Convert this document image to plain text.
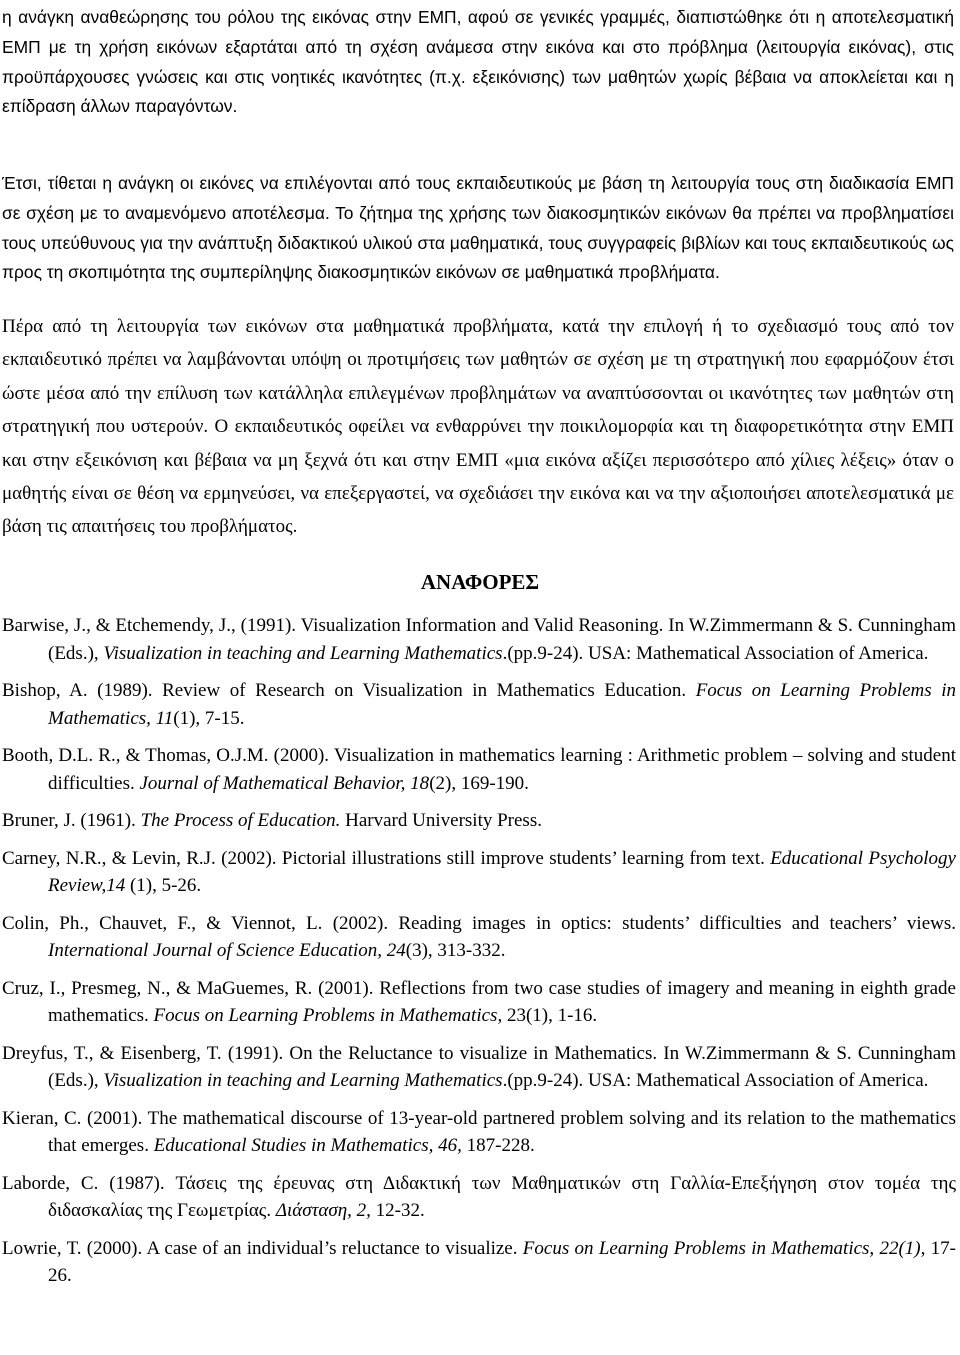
η ανάγκη αναθεώρησης του ρόλου της εικόνας στην ΕΜΠ, αφού σε γενικές γραμμές, διαπιστώθηκε ότι η αποτελεσματική ΕΜΠ με τη χρήση εικόνων εξαρτάται από τη σχέση ανάμεσα στην εικόνα και στο πρόβλημα (λειτουργία εικόνας), στις προϋπάρχουσες γνώσεις και στις νοητικές ικανότητες (π.χ. εξεικόνισης) των μαθητών χωρίς βέβαια να αποκλείεται και η επίδραση άλλων παραγόντων.

Έτσι, τίθεται η ανάγκη οι εικόνες να επιλέγονται από τους εκπαιδευτικούς με βάση τη λειτουργία τους στη διαδικασία ΕΜΠ σε σχέση με το αναμενόμενο αποτέλεσμα. Το ζήτημα της χρήσης των διακοσμητικών εικόνων θα πρέπει να προβληματίσει τους υπεύθυνους για την ανάπτυξη διδακτικού υλικού στα μαθηματικά, τους συγγραφείς βιβλίων και τους εκπαιδευτικούς ως προς τη σκοπιμότητα της συμπερίληψης διακοσμητικών εικόνων σε μαθηματικά προβλήματα.

Πέρα από τη λειτουργία των εικόνων στα μαθηματικά προβλήματα, κατά την επιλογή ή το σχεδιασμό τους από τον εκπαιδευτικό πρέπει να λαμβάνονται υπόψη οι προτιμήσεις των μαθητών σε σχέση με τη στρατηγική που εφαρμόζουν έτσι ώστε μέσα από την επίλυση των κατάλληλα επιλεγμένων προβλημάτων να αναπτύσσονται οι ικανότητες των μαθητών στη στρατηγική που υστερούν. Ο εκπαιδευτικός οφείλει να ενθαρρύνει την ποικιλομορφία και τη διαφορετικότητα στην ΕΜΠ και στην εξεικόνιση και βέβαια να μη ξεχνά ότι και στην ΕΜΠ «μια εικόνα αξίζει περισσότερο από χίλιες λέξεις» όταν ο μαθητής είναι σε θέση να ερμηνεύσει, να επεξεργαστεί, να σχεδιάσει την εικόνα και να την αξιοποιήσει αποτελεσματικά με βάση τις απαιτήσεις του προβλήματος.

ΑΝΑΦΟΡΕΣ

Barwise, J., & Etchemendy, J., (1991). Visualization Information and Valid Reasoning. In W.Zimmermann & S. Cunningham (Eds.), Visualization in teaching and Learning Mathematics.(pp.9-24). USA: Mathematical Association of America.

Bishop, A. (1989). Review of Research on Visualization in Mathematics Education. Focus on Learning Problems in Mathematics, 11(1), 7-15.

Booth, D.L. R., & Thomas, O.J.M. (2000). Visualization in mathematics learning : Arithmetic problem – solving and student difficulties. Journal of Mathematical Behavior, 18(2), 169-190.

Bruner, J. (1961). The Process of Education. Harvard University Press.

Carney, N.R., & Levin, R.J. (2002). Pictorial illustrations still improve students’ learning from text. Educational Psychology Review,14 (1), 5-26.

Colin, Ph., Chauvet, F., & Viennot, L. (2002). Reading images in optics: students’ difficulties and teachers’ views. International Journal of Science Education, 24(3), 313-332.

Cruz, I., Presmeg, N., & MaGuemes, R. (2001). Reflections from two case studies of imagery and meaning in eighth grade mathematics. Focus on Learning Problems in Mathematics, 23(1), 1-16.

Dreyfus, T., & Eisenberg, T. (1991). On the Reluctance to visualize in Mathematics. In W.Zimmermann & S. Cunningham (Eds.), Visualization in teaching and Learning Mathematics.(pp.9-24). USA: Mathematical Association of America.

Kieran, C. (2001). The mathematical discourse of 13-year-old partnered problem solving and its relation to the mathematics that emerges. Educational Studies in Mathematics, 46, 187-228.

Laborde, C. (1987). Τάσεις της έρευνας στη Διδακτική των Μαθηματικών στη Γαλλία-Επεξήγηση στον τομέα της διδασκαλίας της Γεωμετρίας. Διάσταση, 2, 12-32.

Lowrie, T. (2000). A case of an individual’s reluctance to visualize. Focus on Learning Problems in Mathematics, 22(1), 17-26.
